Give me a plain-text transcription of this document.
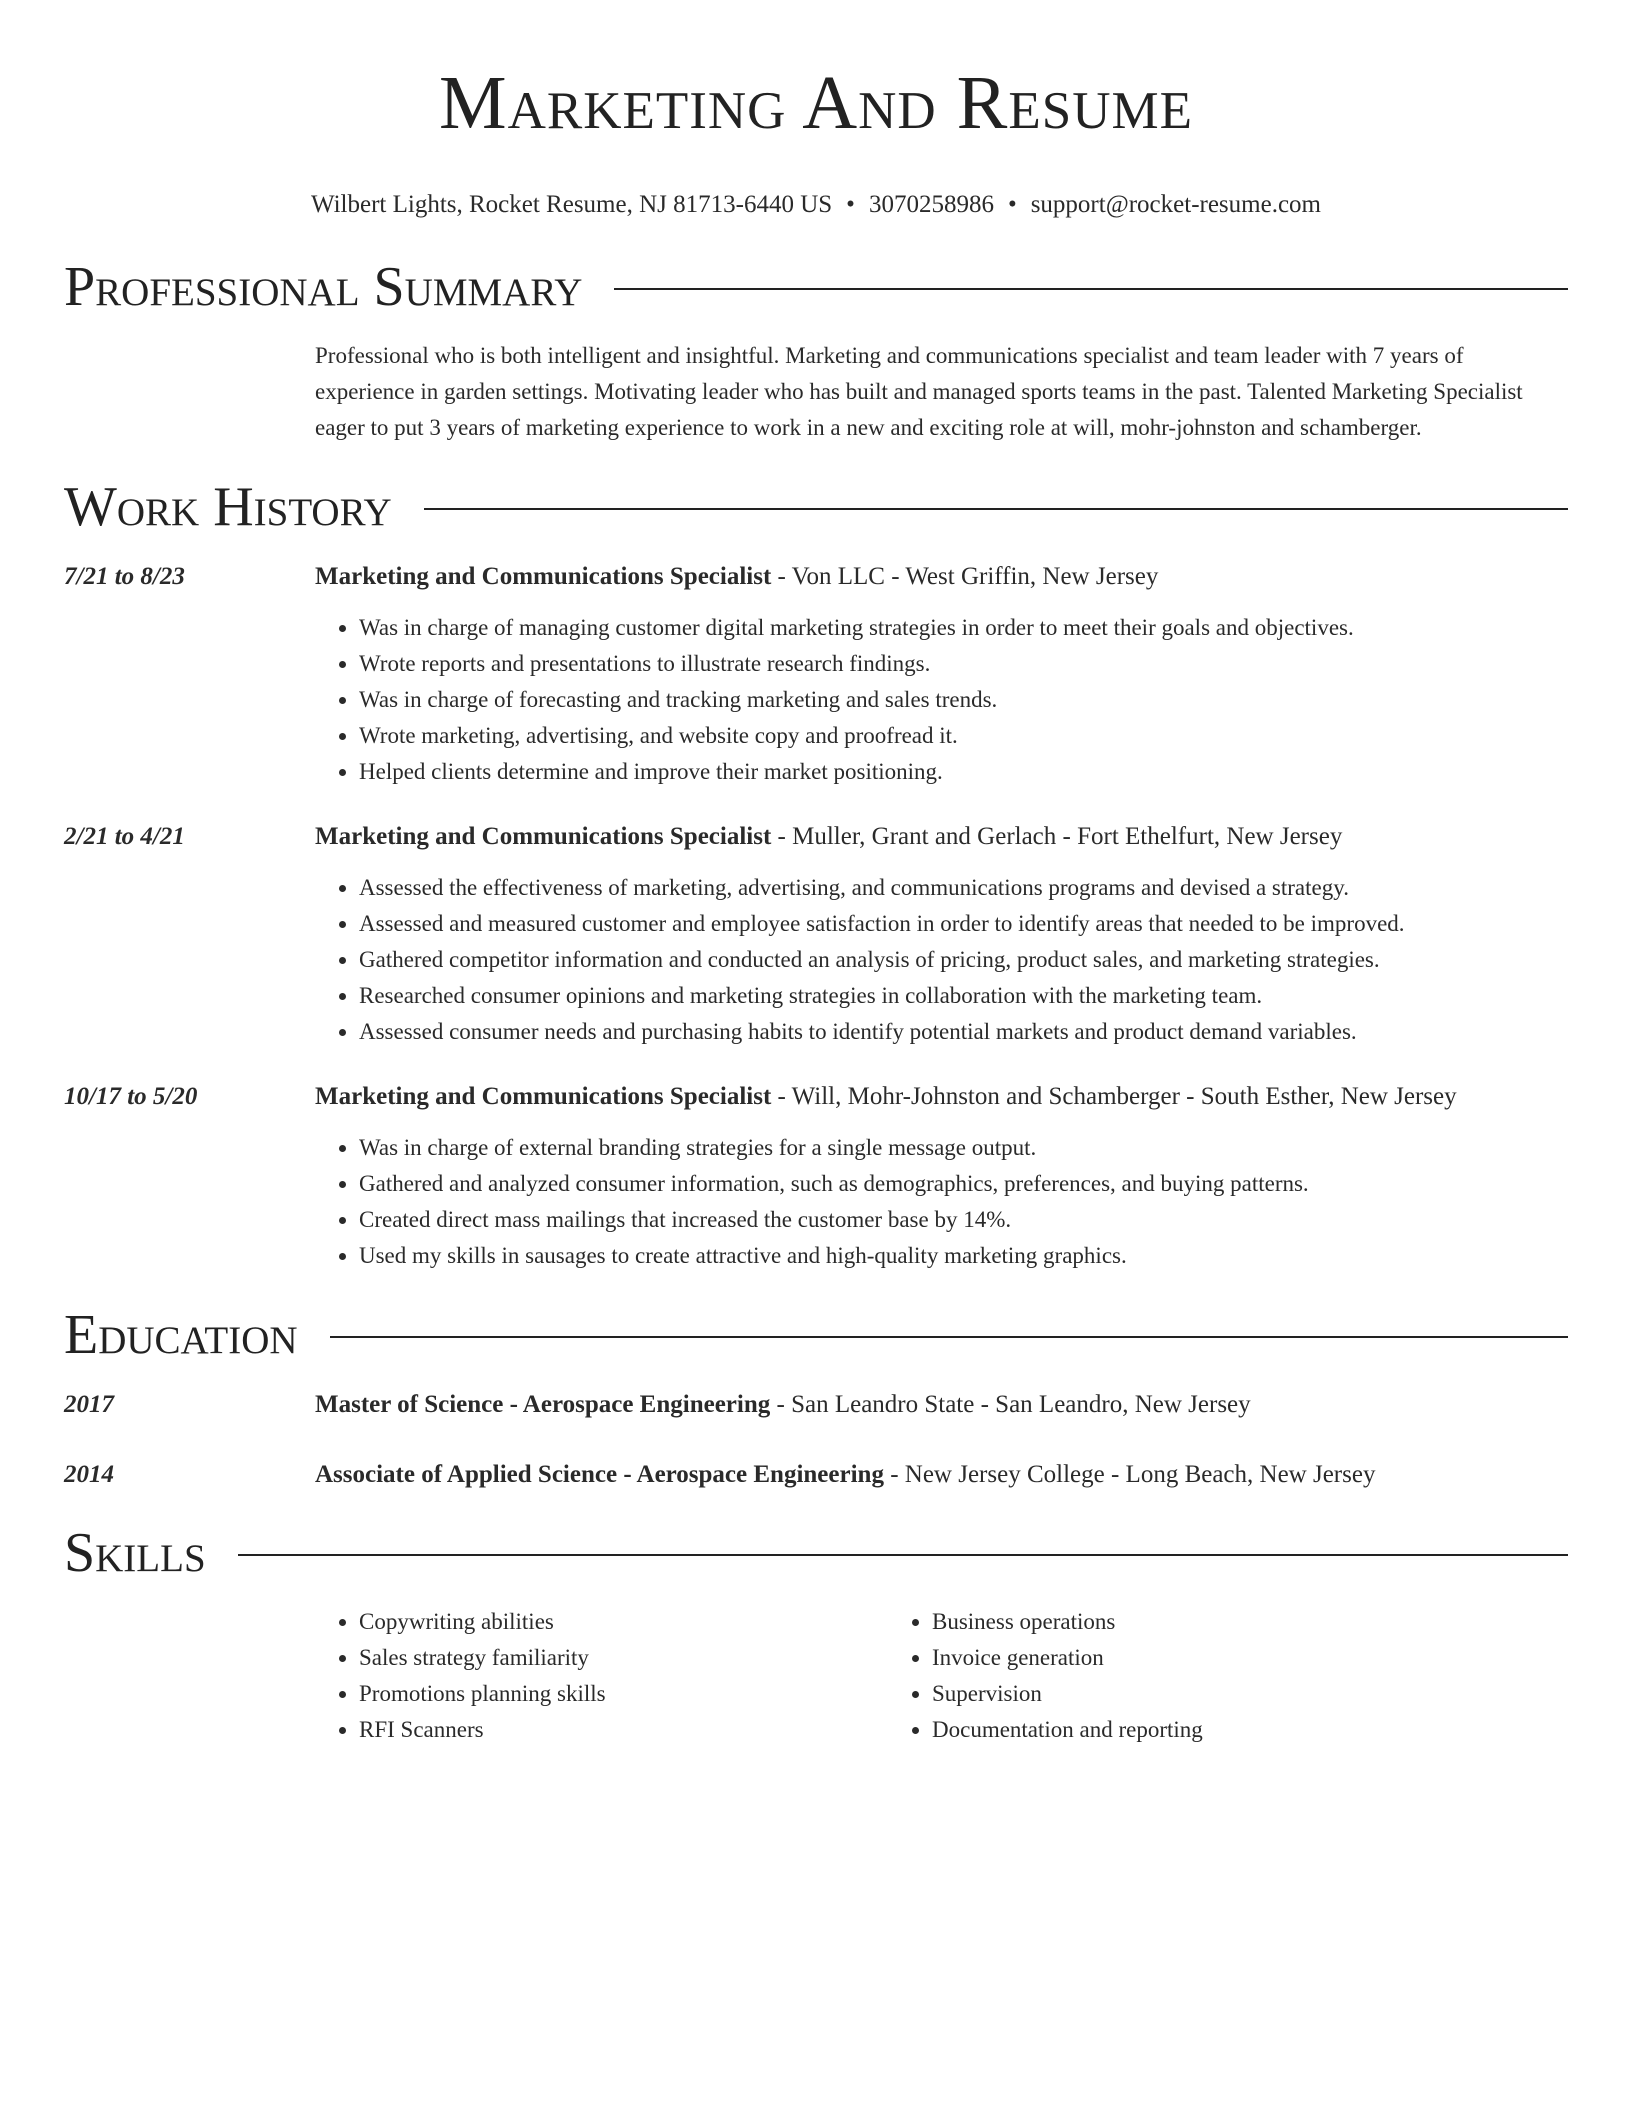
Marketing And Resume
Wilbert Lights, Rocket Resume, NJ 81713-6440 US • 3070258986 • support@rocket-resume.com
Professional Summary
Professional who is both intelligent and insightful. Marketing and communications specialist and team leader with 7 years of experience in garden settings. Motivating leader who has built and managed sports teams in the past. Talented Marketing Specialist eager to put 3 years of marketing experience to work in a new and exciting role at will, mohr-johnston and schamberger.
Work History
7/21 to 8/23	Marketing and Communications Specialist - Von LLC - West Griffin, New Jersey
• Was in charge of managing customer digital marketing strategies in order to meet their goals and objectives.
• Wrote reports and presentations to illustrate research findings.
• Was in charge of forecasting and tracking marketing and sales trends.
• Wrote marketing, advertising, and website copy and proofread it.
• Helped clients determine and improve their market positioning.
2/21 to 4/21	Marketing and Communications Specialist - Muller, Grant and Gerlach - Fort Ethelfurt, New Jersey
• Assessed the effectiveness of marketing, advertising, and communications programs and devised a strategy.
• Assessed and measured customer and employee satisfaction in order to identify areas that needed to be improved.
• Gathered competitor information and conducted an analysis of pricing, product sales, and marketing strategies.
• Researched consumer opinions and marketing strategies in collaboration with the marketing team.
• Assessed consumer needs and purchasing habits to identify potential markets and product demand variables.
10/17 to 5/20	Marketing and Communications Specialist - Will, Mohr-Johnston and Schamberger - South Esther, New Jersey
• Was in charge of external branding strategies for a single message output.
• Gathered and analyzed consumer information, such as demographics, preferences, and buying patterns.
• Created direct mass mailings that increased the customer base by 14%.
• Used my skills in sausages to create attractive and high-quality marketing graphics.
Education
2017	Master of Science - Aerospace Engineering - San Leandro State - San Leandro, New Jersey
2014	Associate of Applied Science - Aerospace Engineering - New Jersey College - Long Beach, New Jersey
Skills
• Copywriting abilities
• Sales strategy familiarity
• Promotions planning skills
• RFI Scanners
• Business operations
• Invoice generation
• Supervision
• Documentation and reporting
